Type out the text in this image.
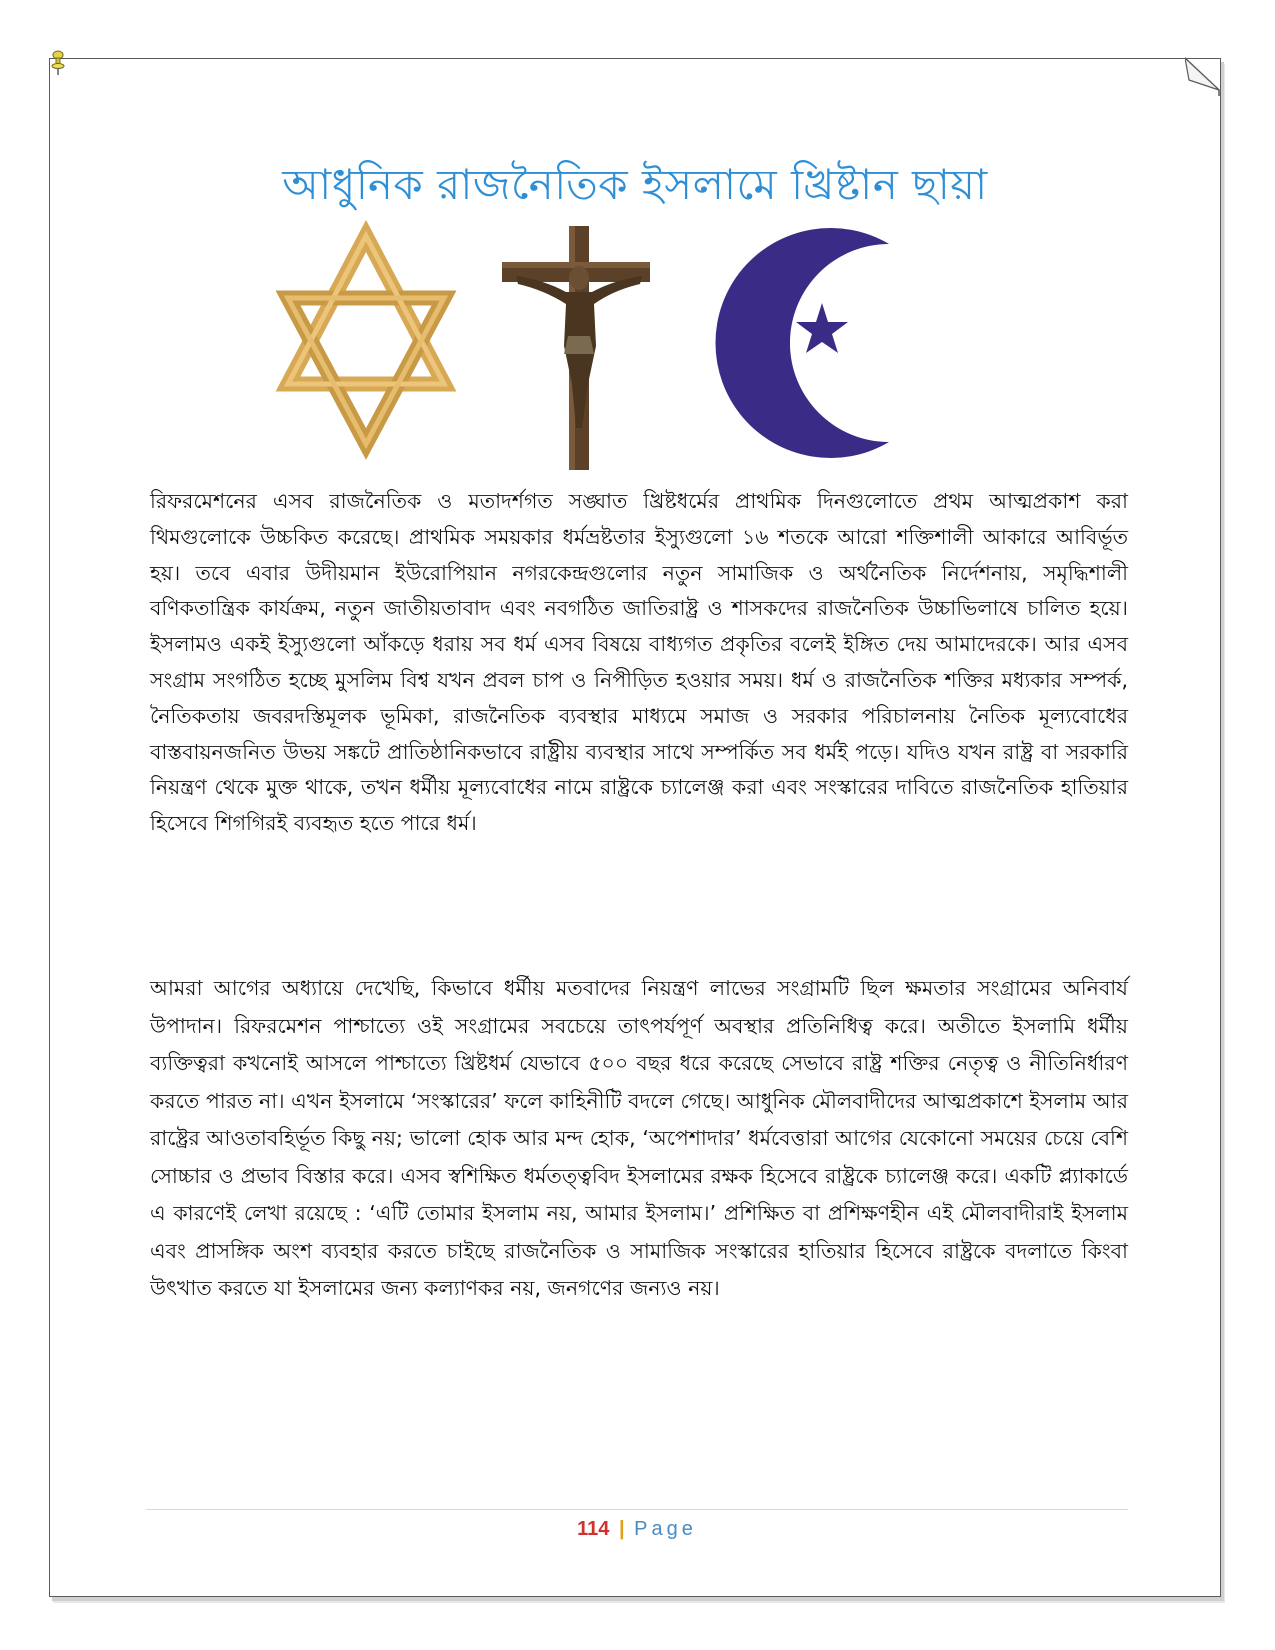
আধুনিক রাজনৈতিক ইসলামে খ্রিষ্টান ছায়া

রিফরমেশনের এসব রাজনৈতিক ও মতাদর্শগত সঙ্ঘাত খ্রিষ্টধর্মের প্রাথমিক দিনগুলোতে প্রথম আত্মপ্রকাশ করা থিমগুলোকে উচ্চকিত করেছে। প্রাথমিক সময়কার ধর্মভ্রষ্টতার ইস্যুগুলো ১৬ শতকে আরো শক্তিশালী আকারে আবির্ভূত হয়। তবে এবার উদীয়মান ইউরোপিয়ান নগরকেন্দ্রগুলোর নতুন সামাজিক ও অর্থনৈতিক নির্দেশনায়, সমৃদ্ধিশালী বণিকতান্ত্রিক কার্যক্রম, নতুন জাতীয়তাবাদ এবং নবগঠিত জাতিরাষ্ট্র ও শাসকদের রাজনৈতিক উচ্চাভিলাষে চালিত হয়ে। ইসলামও একই ইস্যুগুলো আঁকড়ে ধরায় সব ধর্ম এসব বিষয়ে বাধ্যগত প্রকৃতির বলেই ইঙ্গিত দেয় আমাদেরকে। আর এসব সংগ্রাম সংগঠিত হচ্ছে মুসলিম বিশ্ব যখন প্রবল চাপ ও নিপীড়িত হওয়ার সময়। ধর্ম ও রাজনৈতিক শক্তির মধ্যকার সম্পর্ক, নৈতিকতায় জবরদস্তিমূলক ভূমিকা, রাজনৈতিক ব্যবস্থার মাধ্যমে সমাজ ও সরকার পরিচালনায় নৈতিক মূল্যবোধের বাস্তবায়নজনিত উভয় সঙ্কটে প্রাতিষ্ঠানিকভাবে রাষ্ট্রীয় ব্যবস্থার সাথে সম্পর্কিত সব ধর্মই পড়ে। যদিও যখন রাষ্ট্র বা সরকারি নিয়ন্ত্রণ থেকে মুক্ত থাকে, তখন ধর্মীয় মূল্যবোধের নামে রাষ্ট্রকে চ্যালেঞ্জ করা এবং সংস্কারের দাবিতে রাজনৈতিক হাতিয়ার হিসেবে শিগগিরই ব্যবহৃত হতে পারে ধর্ম।

আমরা আগের অধ্যায়ে দেখেছি, কিভাবে ধর্মীয় মতবাদের নিয়ন্ত্রণ লাভের সংগ্রামটি ছিল ক্ষমতার সংগ্রামের অনিবার্য উপাদান। রিফরমেশন পাশ্চাত্যে ওই সংগ্রামের সবচেয়ে তাৎপর্যপূর্ণ অবস্থার প্রতিনিধিত্ব করে। অতীতে ইসলামি ধর্মীয় ব্যক্তিত্বরা কখনোই আসলে পাশ্চাত্যে খ্রিষ্টধর্ম যেভাবে ৫০০ বছর ধরে করেছে সেভাবে রাষ্ট্র শক্তির নেতৃত্ব ও নীতিনির্ধারণ করতে পারত না। এখন ইসলামে ‘সংস্কারের’ ফলে কাহিনীটি বদলে গেছে। আধুনিক মৌলবাদীদের আত্মপ্রকাশে ইসলাম আর রাষ্ট্রের আওতাবহির্ভূত কিছু নয়; ভালো হোক আর মন্দ হোক, ‘অপেশাদার’ ধর্মবেত্তারা আগের যেকোনো সময়ের চেয়ে বেশি সোচ্চার ও প্রভাব বিস্তার করে। এসব স্বশিক্ষিত ধর্মতত্ত্ববিদ ইসলামের রক্ষক হিসেবে রাষ্ট্রকে চ্যালেঞ্জ করে। একটি প্ল্যাকার্ডে এ কারণেই লেখা রয়েছে : ‘এটি তোমার ইসলাম নয়, আমার ইসলাম।’ প্রশিক্ষিত বা প্রশিক্ষণহীন এই মৌলবাদীরাই ইসলাম এবং প্রাসঙ্গিক অংশ ব্যবহার করতে চাইছে রাজনৈতিক ও সামাজিক সংস্কারের হাতিয়ার হিসেবে রাষ্ট্রকে বদলাতে কিংবা উৎখাত করতে যা ইসলামের জন্য কল্যাণকর নয়, জনগণের জন্যও নয়।

114 | Page
